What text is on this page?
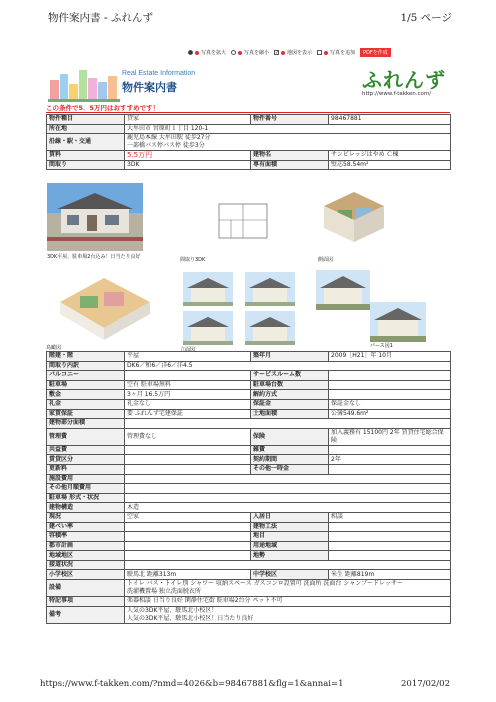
物件案内書 - ふれんず	1/5 ページ
写真を拡大	写真を縮小 ✓ 地図を表示	写真を追加	PDFを作成
Real Estate Information
物件案内書	ふれんず
http://www.f-takken.com/
この条件で5．5万円はおすすめです！
物件種目	貸家	物件番号	98467881
所在地	大牟田市 宮原町１丁目 120-1		
沿線・駅・交通	鹿児島本線 大牟田駅 徒歩27分
一部橋バス停バス停 徒歩3分		
賃料	5.5万円	建物名	サンビレッジはやめ Ｃ棟
間取り	3DK	専有面積	壁芯58.54m²
3DK平屋、駐車場2台込み！日当たり良好	間取り3DK	側面図
鳥瞰図	立面図
パース図1
階建・階	平屋	築年月	2009［H21］年 10月
間取り内訳	DK6／和6／洋6／洋4.5		
バルコニー		サービスルーム数	
駐車場	空有 駐車場無料	駐車場台数	
敷金	3ヶ月 16.5万円	解約方式	
礼金	礼金なし	保証金	保証金なし
家賃保証	要 ふれんず宅建保証	土地面積	公簿549.6m²
建物部分面積			
管理費	管理費なし	保険	加入義務有 15100円 2年 賃貸住宅総合保険
共益費		雑費	
賃貸区分		契約期間	2年
更新料		その他一時金	
施設費用			
その他月額費用			
駐車場 形式・状況			
建物構造	木造		
現況	空家	入居日	相談
建ぺい率		建物工法	
容積率		地目	
都市計画		用途地域	
地域地区		地勢	
接道状況			
小学校区	駛馬北 距離313m	中学校区	米生 距離819m
設備	トイレ バス・トイレ別 シャワー 収納スペース ガスコンロ設置可 洗面所 洗面台 シャンプードレッサー
洗濯機置場 独立洗面脱衣所		
特記事項	楽器相談 日当り良好 閑静住宅街 駐車場2台分 ペット不可		
備考	人気の3DK平屋、駛馬北小校区！
人気の3DK平屋、駛馬北小校区！日当たり良好		
https://www.f-takken.com/?nmd=4026&b=98467881&flg=1&annai=1	2017/02/02
